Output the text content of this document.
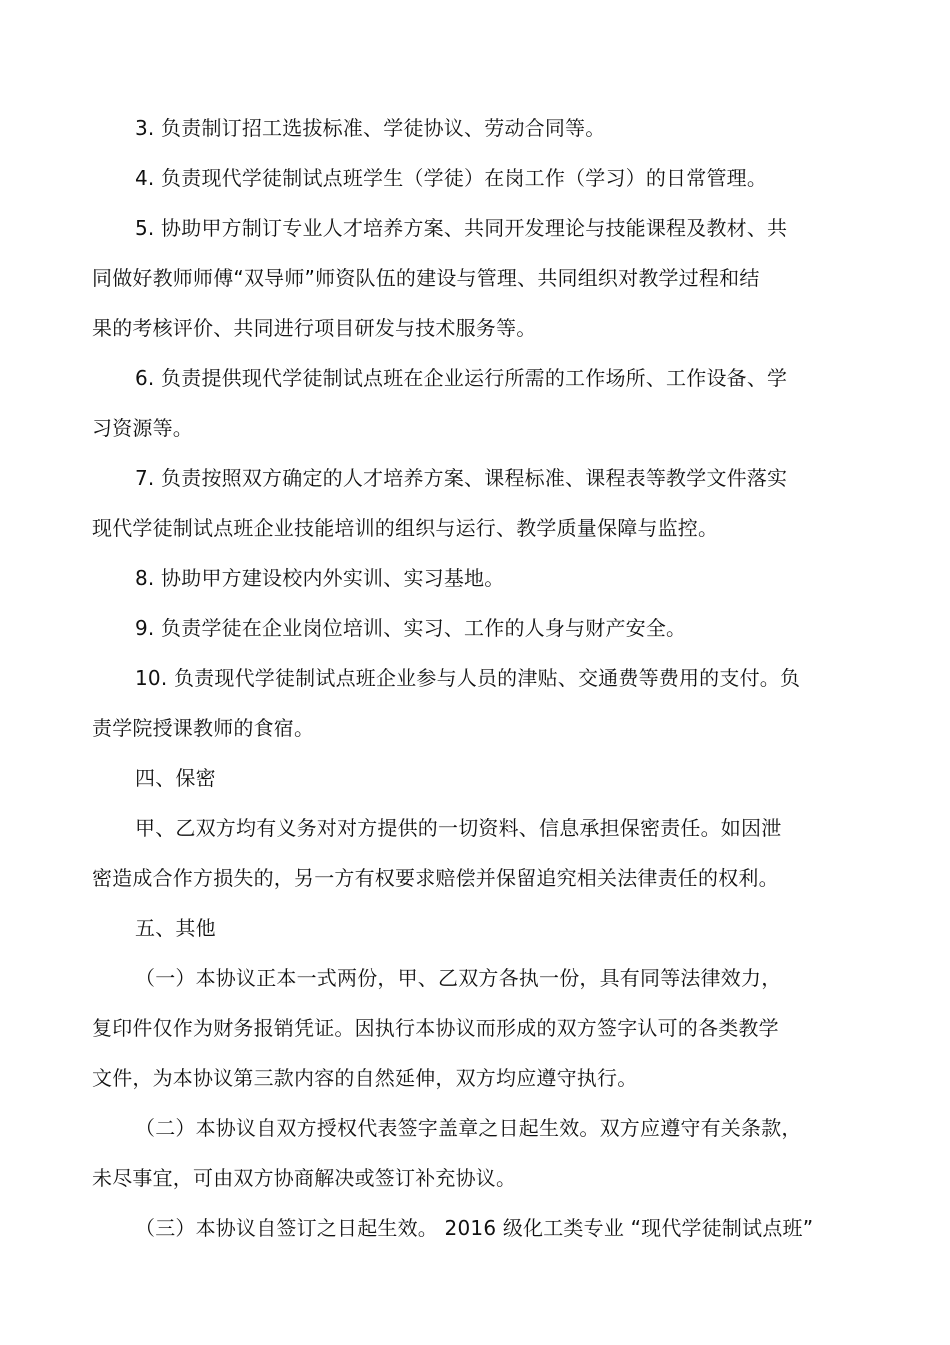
3. 负责制订招工选拔标准、学徒协议、劳动合同等。
4. 负责现代学徒制试点班学生（学徒）在岗工作（学习）的日常管理。
5. 协助甲方制订专业人才培养方案、共同开发理论与技能课程及教材、共
同做好教师师傅“双导师”师资队伍的建设与管理、共同组织对教学过程和结
果的考核评价、共同进行项目研发与技术服务等。
6. 负责提供现代学徒制试点班在企业运行所需的工作场所、工作设备、学
习资源等。
7. 负责按照双方确定的人才培养方案、课程标准、课程表等教学文件落实
现代学徒制试点班企业技能培训的组织与运行、教学质量保障与监控。
8. 协助甲方建设校内外实训、实习基地。
9. 负责学徒在企业岗位培训、实习、工作的人身与财产安全。
10. 负责现代学徒制试点班企业参与人员的津贴、交通费等费用的支付。负
责学院授课教师的食宿。
四、保密
甲、乙双方均有义务对对方提供的一切资料、信息承担保密责任。如因泄
密造成合作方损失的，另一方有权要求赔偿并保留追究相关法律责任的权利。
五、其他
（一）本协议正本一式两份，甲、乙双方各执一份，具有同等法律效力，
复印件仅作为财务报销凭证。因执行本协议而形成的双方签字认可的各类教学
文件，为本协议第三款内容的自然延伸，双方均应遵守执行。
（二）本协议自双方授权代表签字盖章之日起生效。双方应遵守有关条款，
未尽事宜，可由双方协商解决或签订补充协议。
（三）本协议自签订之日起生效。 2016 级化工类专业 “现代学徒制试点班”
